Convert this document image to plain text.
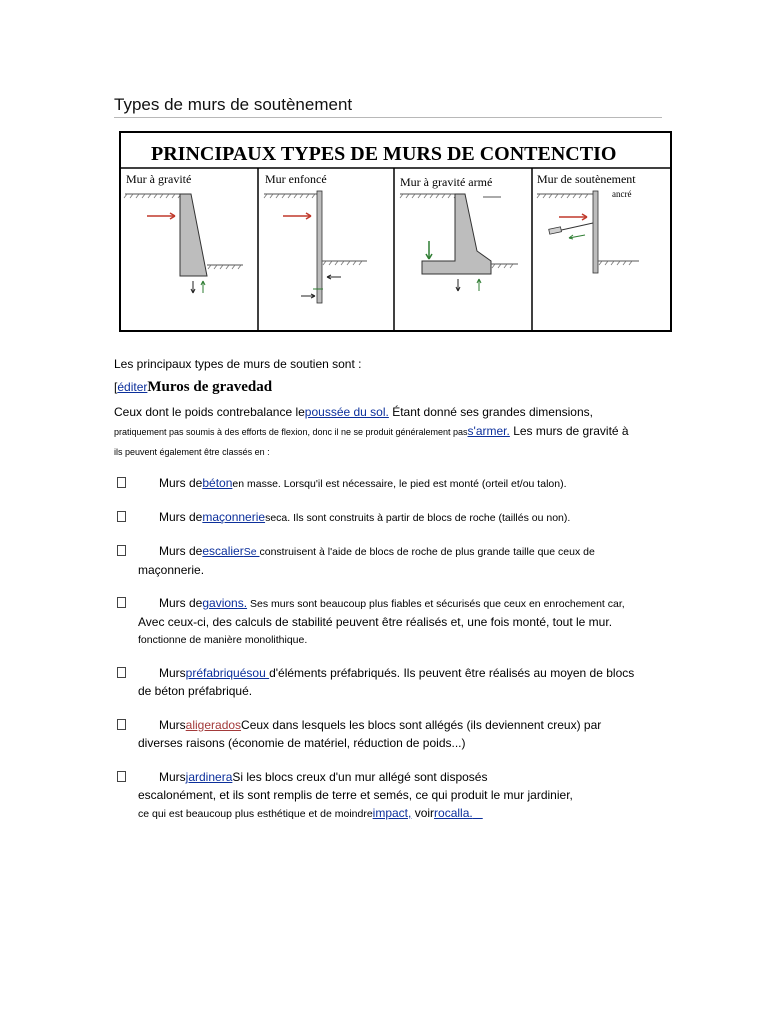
Types de murs de soutènement
PRINCIPAUX TYPES DE MURS DE CONTENCTIO
Mur à gravité	Mur enfoncé	Mur à gravité armé	Mur de soutènement
ancré
Les principaux types de murs de soutien sont :
[éditerMuros de gravedad
Ceux dont le poids contrebalance lepoussée du sol. Étant donné ses grandes dimensions,
pratiquement pas soumis à des efforts de flexion, donc il ne se produit généralement pass'armer. Les murs de gravité à
ils peuvent également être classés en :
Murs debétonen masse. Lorsqu'il est nécessaire, le pied est monté (orteil et/ou talon).
Murs demaçonnerieseca. Ils sont construits à partir de blocs de roche (taillés ou non).
Murs deescalierSe construisent à l'aide de blocs de roche de plus grande taille que ceux de
maçonnerie.
Murs degavions. Ses murs sont beaucoup plus fiables et sécurisés que ceux en enrochement car,
Avec ceux-ci, des calculs de stabilité peuvent être réalisés et, une fois monté, tout le mur.
fonctionne de manière monolithique.
Murspréfabriquésou d'éléments préfabriqués. Ils peuvent être réalisés au moyen de blocs
de béton préfabriqué.
MursaligeradosCeux dans lesquels les blocs sont allégés (ils deviennent creux) par
diverses raisons (économie de matériel, réduction de poids...)
MursjardineraSi les blocs creux d'un mur allégé sont disposés
escalonément, et ils sont remplis de terre et semés, ce qui produit le mur jardinier,
ce qui est beaucoup plus esthétique et de moindreimpact, voirrocalla.
